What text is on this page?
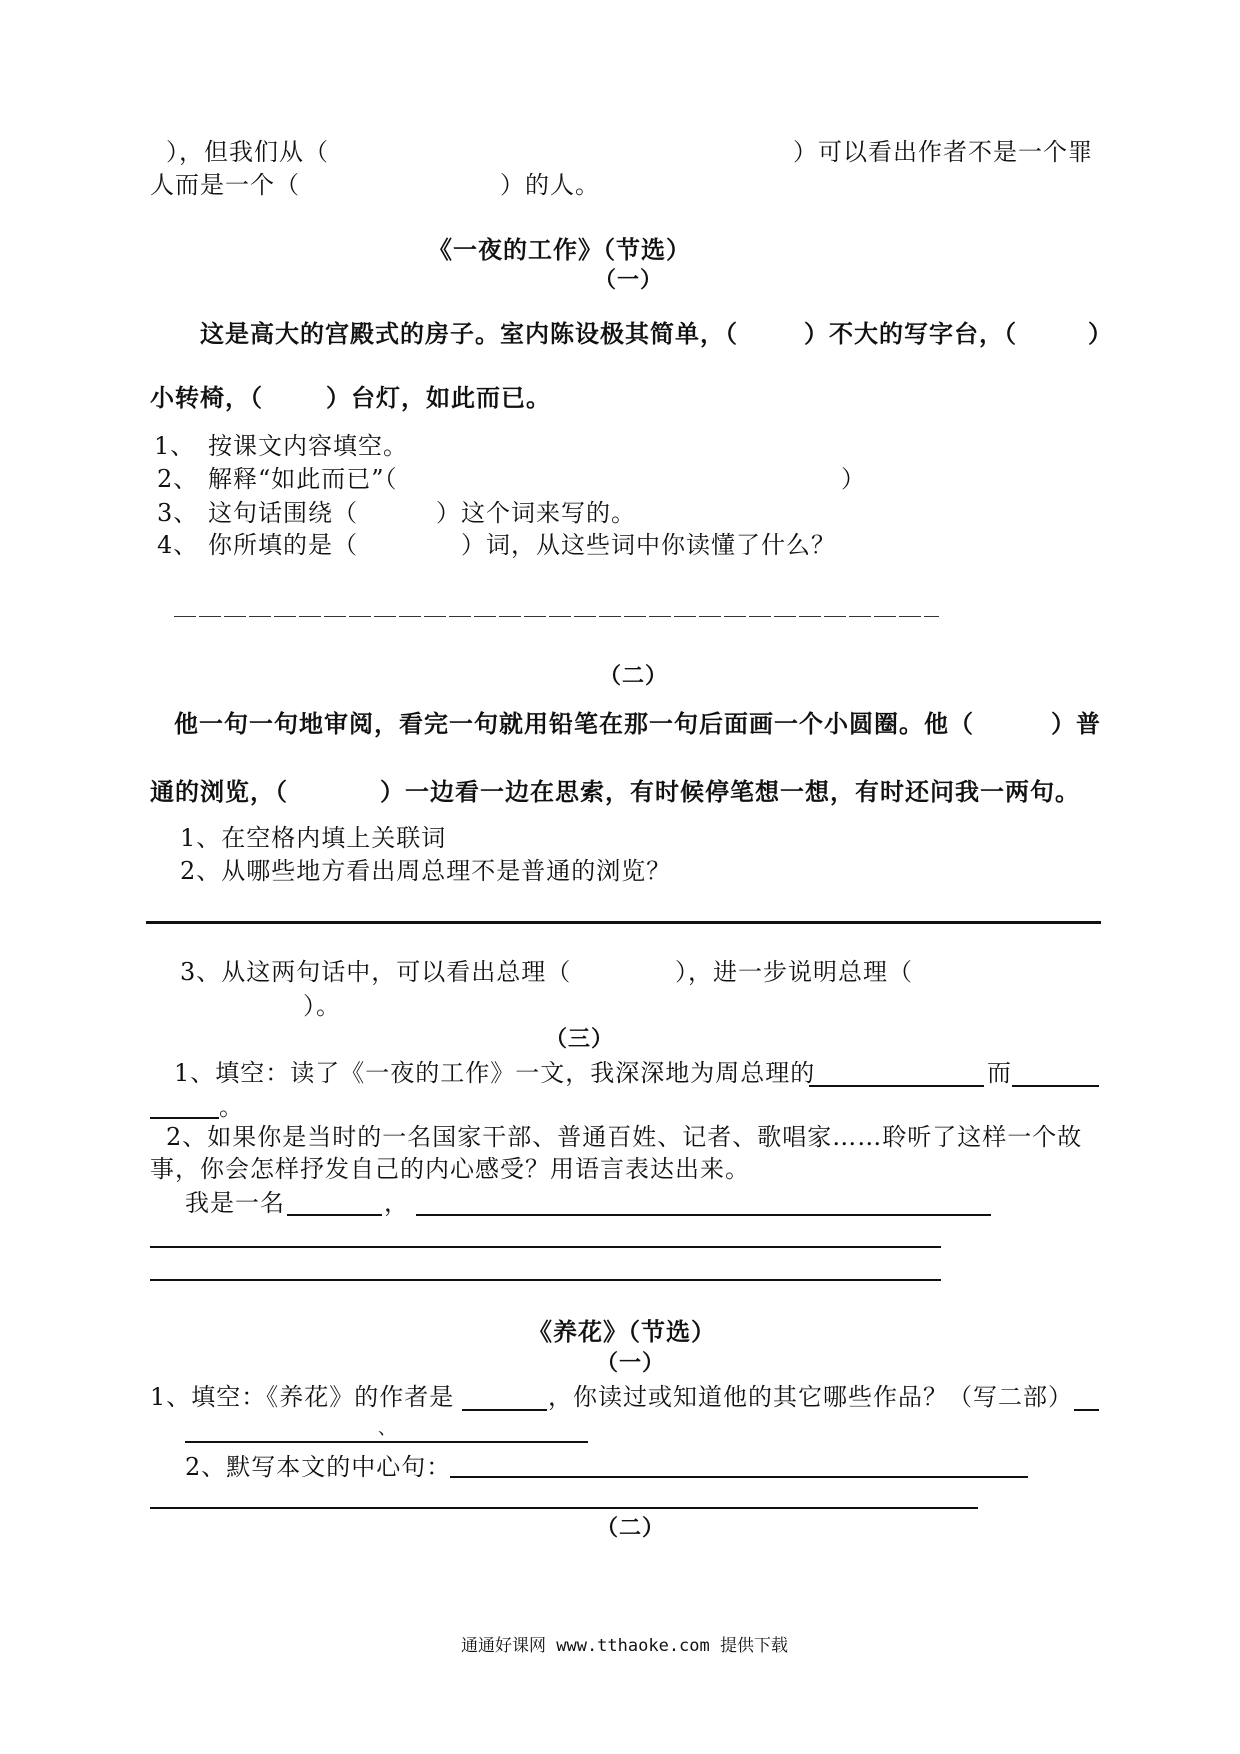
），但我们从（	）可以看出作者不是一个罪
人而是一个（	）的人。
《一夜的工作》（节选）
（一）
这是高大的宫殿式的房子。室内陈设极其简单，（	）不大的写字台，（	）
小转椅，（	）台灯，如此而已。
1、 按课文内容填空。
2、 解释“如此而已”（	）
3、 这句话围绕（	）这个词来写的。
4、 你所填的是（	）词，从这些词中你读懂了什么？
（二）
他一句一句地审阅，看完一句就用铅笔在那一句后面画一个小圆圈。他（	）普
通的浏览，（	）一边看一边在思索，有时候停笔想一想，有时还问我一两句。
1、在空格内填上关联词
2、从哪些地方看出周总理不是普通的浏览？
3、从这两句话中，可以看出总理（	），进一步说明总理（
）。
（三）
1、填空：读了《一夜的工作》一文，我深深地为周总理的	而
。
2、如果你是当时的一名国家干部、普通百姓、记者、歌唱家……聆听了这样一个故
事，你会怎样抒发自己的内心感受？用语言表达出来。
我是一名	，
《养花》（节选）
（一）
1、填空：《养花》的作者是	，你读过或知道他的其它哪些作品？（写二部）
、
2、默写本文的中心句：
（二）
通通好课网 www.tthaoke.com 提供下载
